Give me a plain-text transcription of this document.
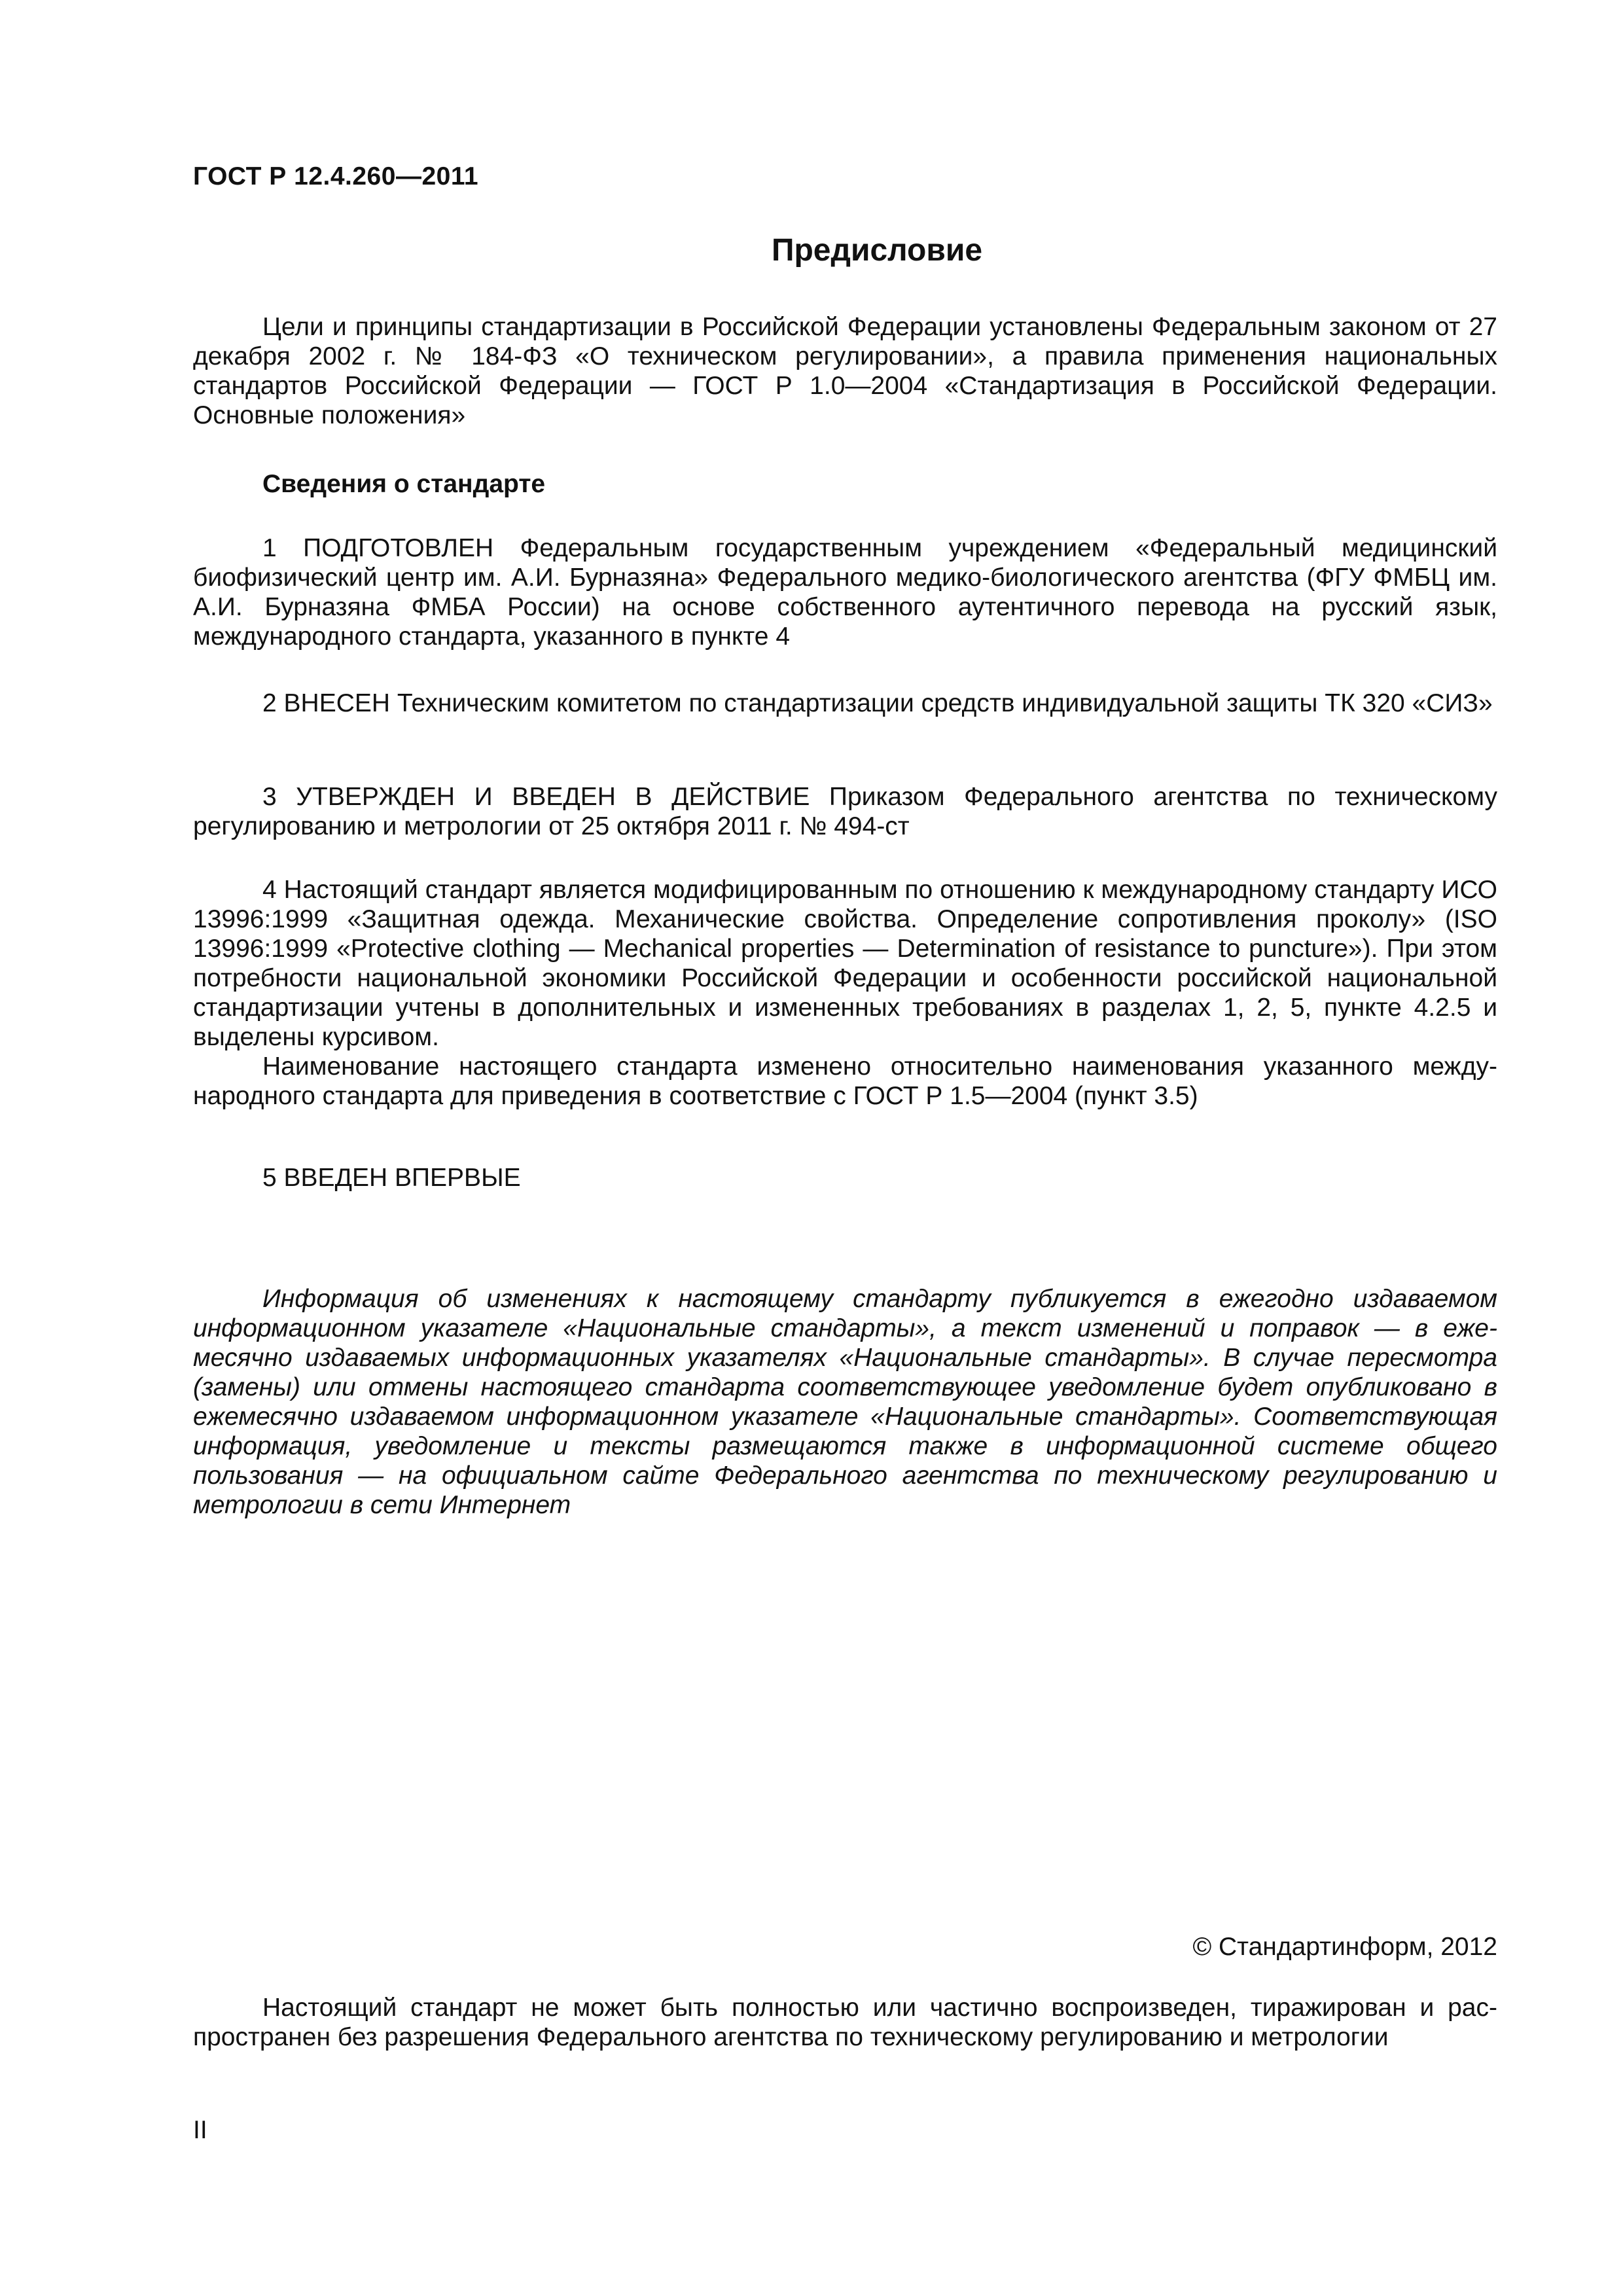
ГОСТ Р 12.4.260—2011
Предисловие

Цели и принципы стандартизации в Российской Федерации установлены Федеральным законом от 27 декабря 2002 г. № 184-ФЗ «О техническом регулировании», а правила применения национальных стандартов Российской Федерации — ГОСТ Р 1.0—2004 «Стандартизация в Российской Федерации. Основные положения»

Сведения о стандарте

1 ПОДГОТОВЛЕН Федеральным государственным учреждением «Федеральный медицинский биофизический центр им. А.И. Бурназяна» Федерального медико-биологического агентства (ФГУ ФМБЦ им. А.И. Бурназяна ФМБА России) на основе собственного аутентичного перевода на русский язык, международного стандарта, указанного в пункте 4

2 ВНЕСЕН Техническим комитетом по стандартизации средств индивидуальной защиты ТК 320 «СИЗ»

3 УТВЕРЖДЕН И ВВЕДЕН В ДЕЙСТВИЕ Приказом Федерального агентства по техническому регулированию и метрологии от 25 октября 2011 г. № 494-ст

4 Настоящий стандарт является модифицированным по отношению к международному стандарту ИСО 13996:1999 «Защитная одежда. Механические свойства. Определение сопротивления проколу» (ISO 13996:1999 «Protective clothing — Mechanical properties — Determination of resistance to puncture»). При этом потребности национальной экономики Российской Федерации и особенности российской национальной стандартизации учтены в дополнительных и измененных требованиях в разделах 1, 2, 5, пункте 4.2.5 и выделены курсивом.

Наименование настоящего стандарта изменено относительно наименования указанного международного стандарта для приведения в соответствие с ГОСТ Р 1.5—2004 (пункт 3.5)

5 ВВЕДЕН ВПЕРВЫЕ

Информация об изменениях к настоящему стандарту публикуется в ежегодно издаваемом информационном указателе «Национальные стандарты», а текст изменений и поправок — в ежемесячно издаваемых информационных указателях «Национальные стандарты». В случае пересмотра (замены) или отмены настоящего стандарта соответствующее уведомление будет опубликовано в ежемесячно издаваемом информационном указателе «Национальные стандарты». Соответствующая информация, уведомление и тексты размещаются также в информационной системе общего пользования — на официальном сайте Федерального агентства по техническому регулированию и метрологии в сети Интернет

© Стандартинформ, 2012

Настоящий стандарт не может быть полностью или частично воспроизведен, тиражирован и распространен без разрешения Федерального агентства по техническому регулированию и метрологии

II
